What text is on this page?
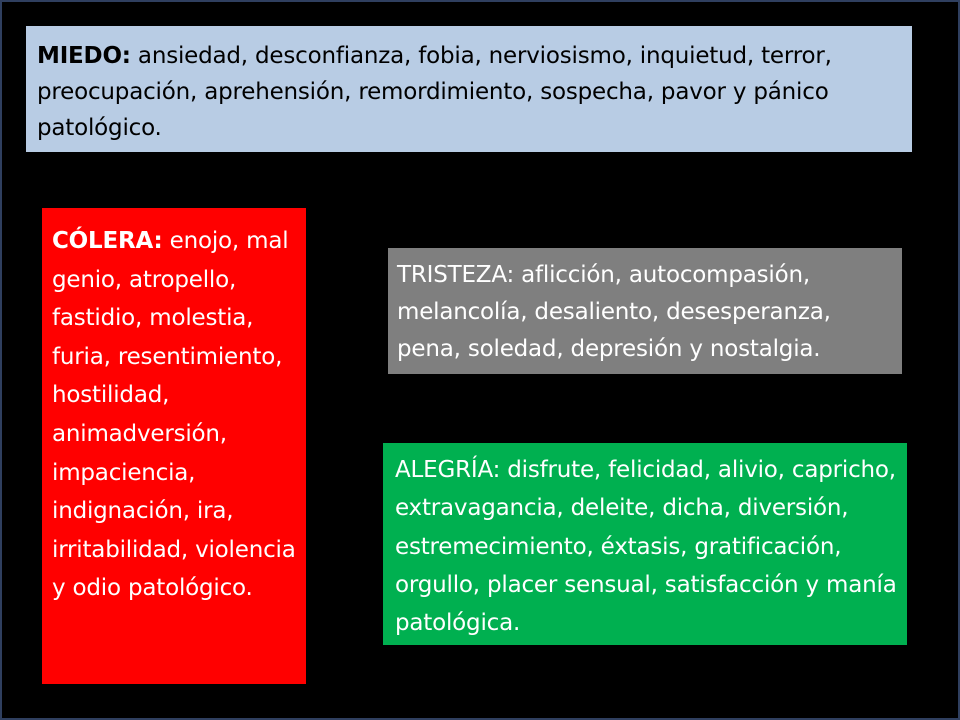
MIEDO: ansiedad, desconfianza, fobia, nerviosismo, inquietud, terror, preocupación, aprehensión, remordimiento, sospecha, pavor y pánico patológico.
CÓLERA: enojo, mal genio, atropello, fastidio, molestia, furia, resentimiento, hostilidad, animadversión, impaciencia, indignación, ira, irritabilidad, violencia y odio patológico.
TRISTEZA: aflicción, autocompasión, melancolía, desaliento, desesperanza, pena, soledad, depresión y nostalgia.
ALEGRÍA: disfrute, felicidad, alivio, capricho, extravagancia, deleite, dicha, diversión, estremecimiento, éxtasis, gratificación, orgullo, placer sensual, satisfacción y manía patológica.
